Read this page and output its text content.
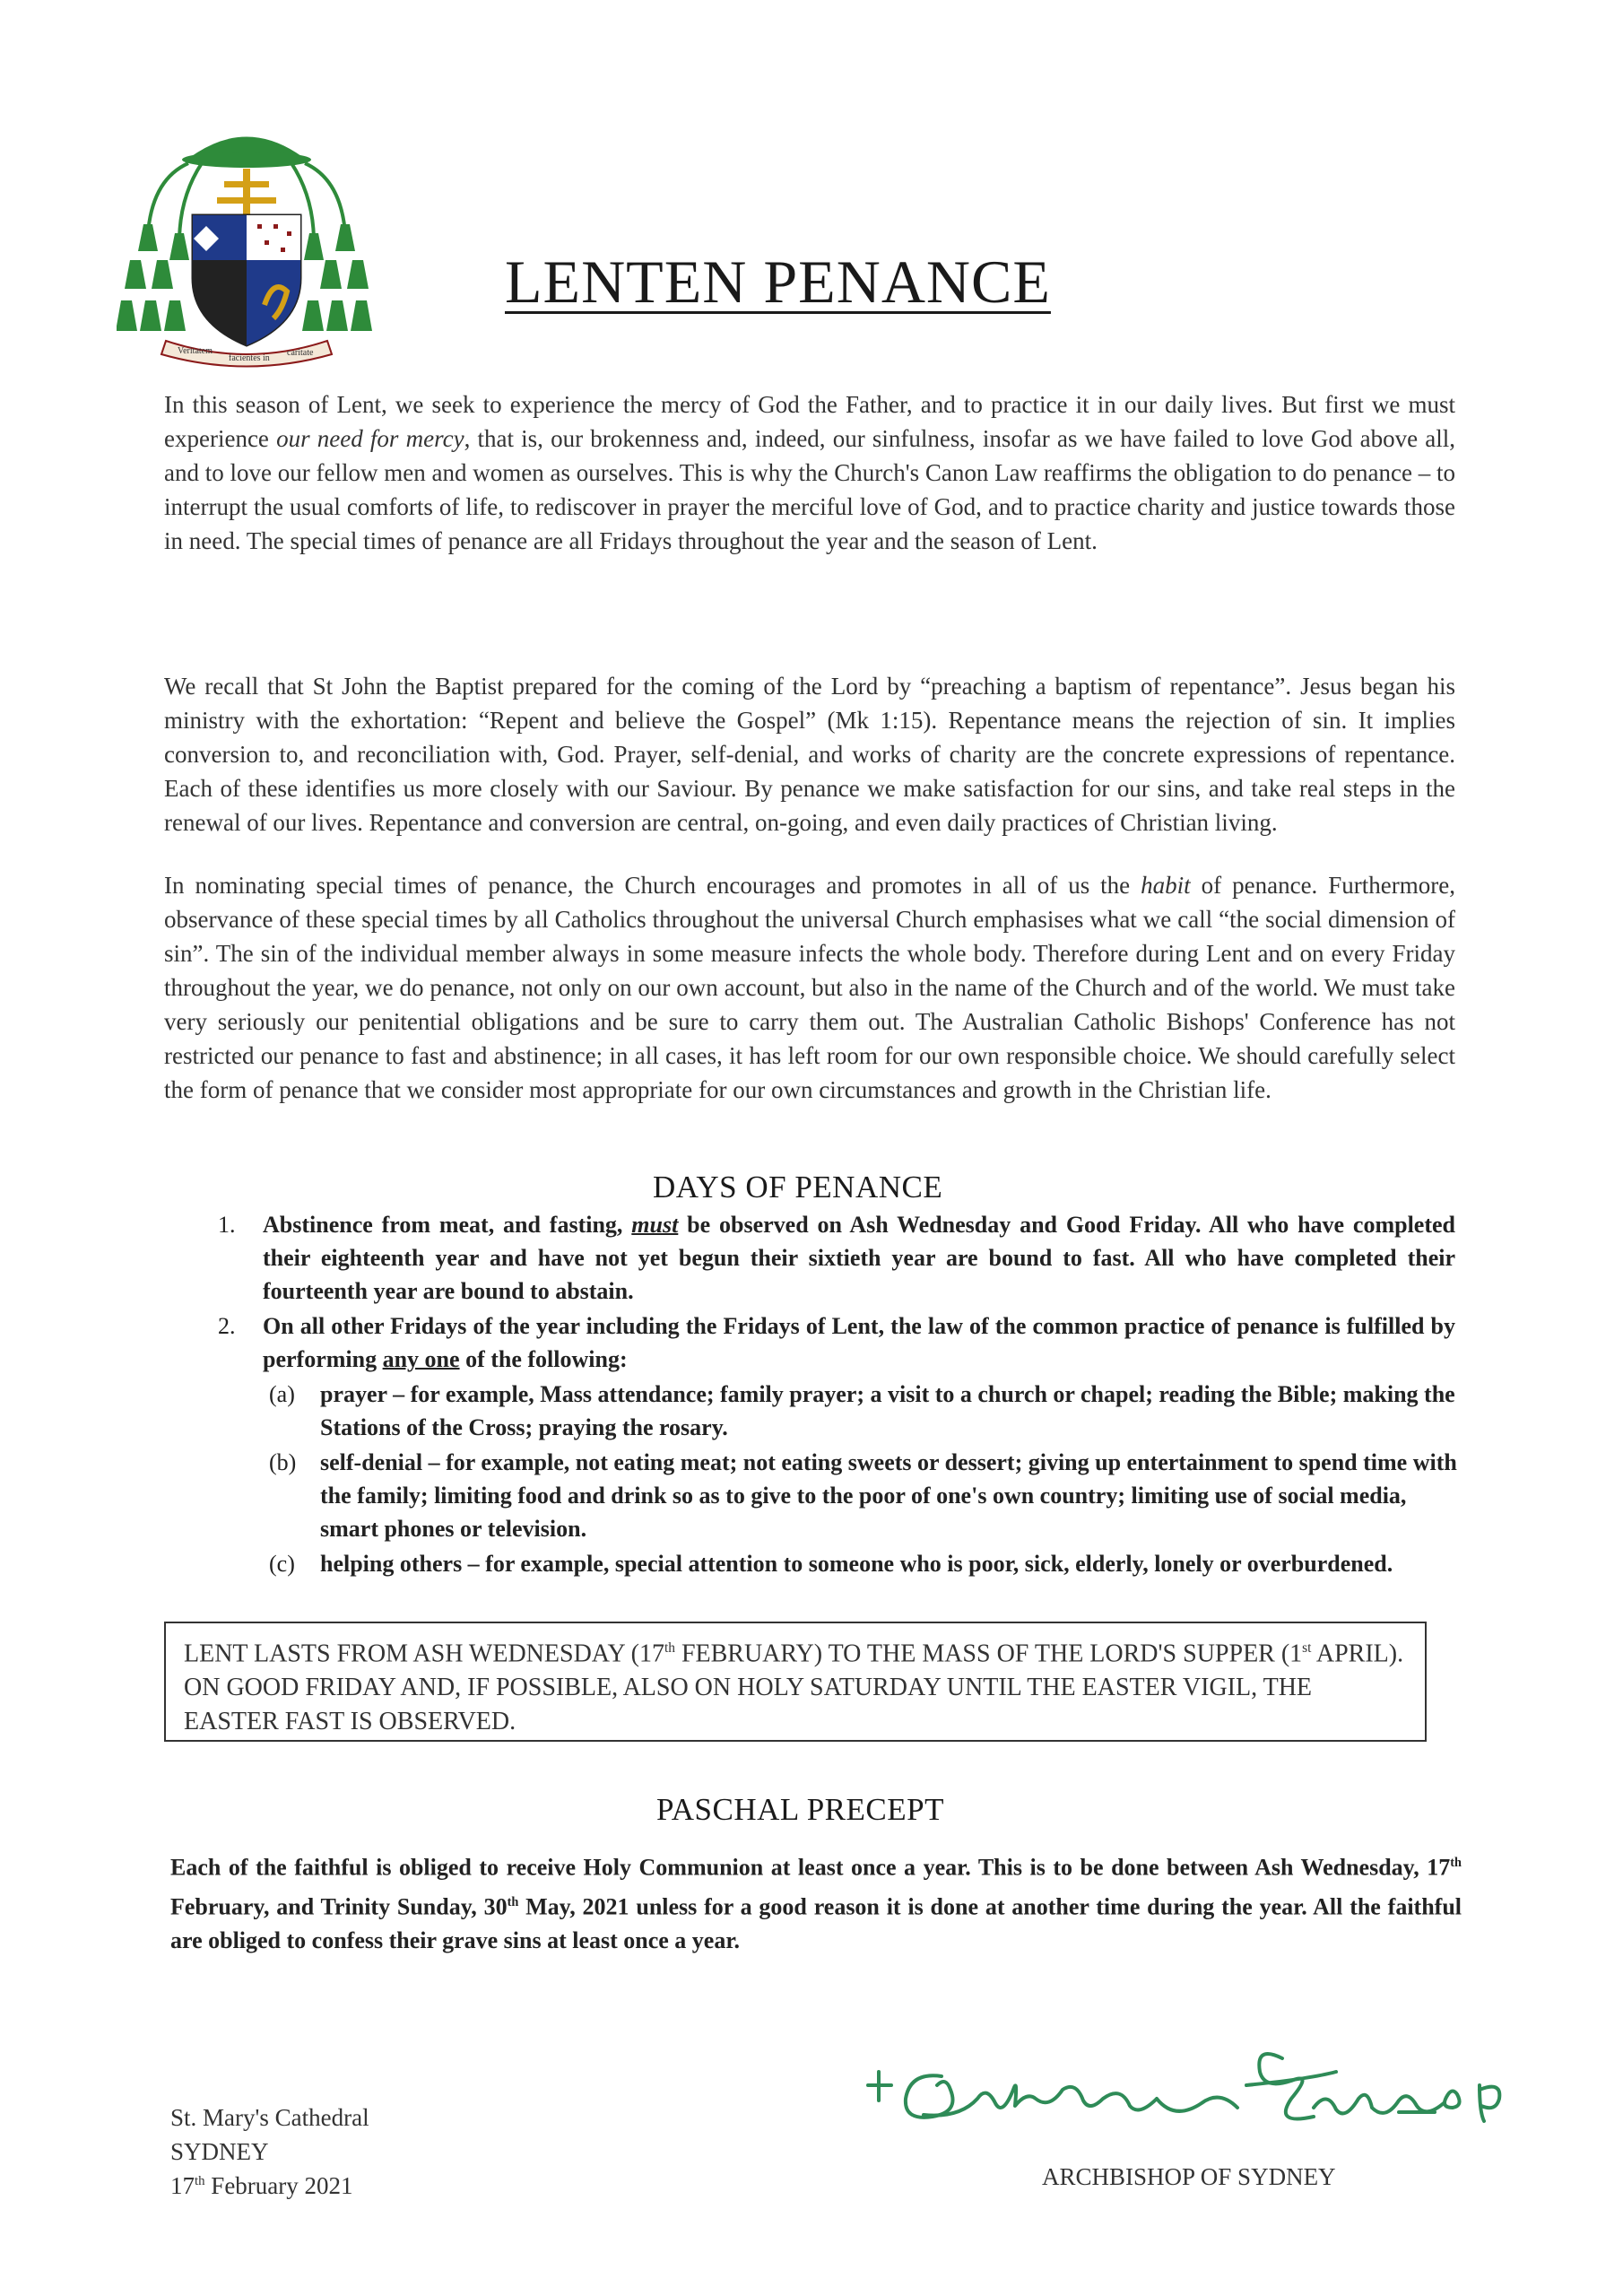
Veritatem
facientes in
caritate
LENTEN PENANCE

In this season of Lent, we seek to experience the mercy of God the Father, and to practice it in our daily lives. But first we must experience our need for mercy, that is, our brokenness and, indeed, our sinfulness, insofar as we have failed to love God above all, and to love our fellow men and women as ourselves. This is why the Church's Canon Law reaffirms the obligation to do penance – to interrupt the usual comforts of life, to rediscover in prayer the merciful love of God, and to practice charity and justice towards those in need. The special times of penance are all Fridays throughout the year and the season of Lent.

We recall that St John the Baptist prepared for the coming of the Lord by “preaching a baptism of repentance”. Jesus began his ministry with the exhortation: “Repent and believe the Gospel” (Mk 1:15). Repentance means the rejection of sin. It implies conversion to, and reconciliation with, God. Prayer, self-denial, and works of charity are the concrete expressions of repentance. Each of these identifies us more closely with our Saviour. By penance we make satisfaction for our sins, and take real steps in the renewal of our lives. Repentance and conversion are central, on-going, and even daily practices of Christian living.

In nominating special times of penance, the Church encourages and promotes in all of us the habit of penance. Furthermore, observance of these special times by all Catholics throughout the universal Church emphasises what we call “the social dimension of sin”. The sin of the individual member always in some measure infects the whole body. Therefore during Lent and on every Friday throughout the year, we do penance, not only on our own account, but also in the name of the Church and of the world. We must take very seriously our penitential obligations and be sure to carry them out. The Australian Catholic Bishops' Conference has not restricted our penance to fast and abstinence; in all cases, it has left room for our own responsible choice. We should carefully select the form of penance that we consider most appropriate for our own circumstances and growth in the Christian life.

DAYS OF PENANCE
1. Abstinence from meat, and fasting, must be observed on Ash Wednesday and Good Friday. All who have completed their eighteenth year and have not yet begun their sixtieth year are bound to fast. All who have completed their fourteenth year are bound to abstain.

2. On all other Fridays of the year including the Fridays of Lent, the law of the common practice of penance is fulfilled by performing any one of the following:

(a) prayer – for example, Mass attendance; family prayer; a visit to a church or chapel; reading the Bible; making the Stations of the Cross; praying the rosary.

(b) self-denial – for example, not eating meat; not eating sweets or dessert; giving up entertainment to spend time with the family; limiting food and drink so as to give to the poor of one's own country; limiting use of social media, smart phones or television.

(c) helping others – for example, special attention to someone who is poor, sick, elderly, lonely or overburdened.

LENT LASTS FROM ASH WEDNESDAY (17th FEBRUARY) TO THE MASS OF THE LORD'S SUPPER (1st APRIL). ON GOOD FRIDAY AND, IF POSSIBLE, ALSO ON HOLY SATURDAY UNTIL THE EASTER VIGIL, THE EASTER FAST IS OBSERVED.
PASCHAL PRECEPT

Each of the faithful is obliged to receive Holy Communion at least once a year. This is to be done between Ash Wednesday, 17th February, and Trinity Sunday, 30th May, 2021 unless for a good reason it is done at another time during the year. All the faithful are obliged to confess their grave sins at least once a year.

St. Mary's Cathedral
SYDNEY
17th February 2021	ARCHBISHOP OF SYDNEY
